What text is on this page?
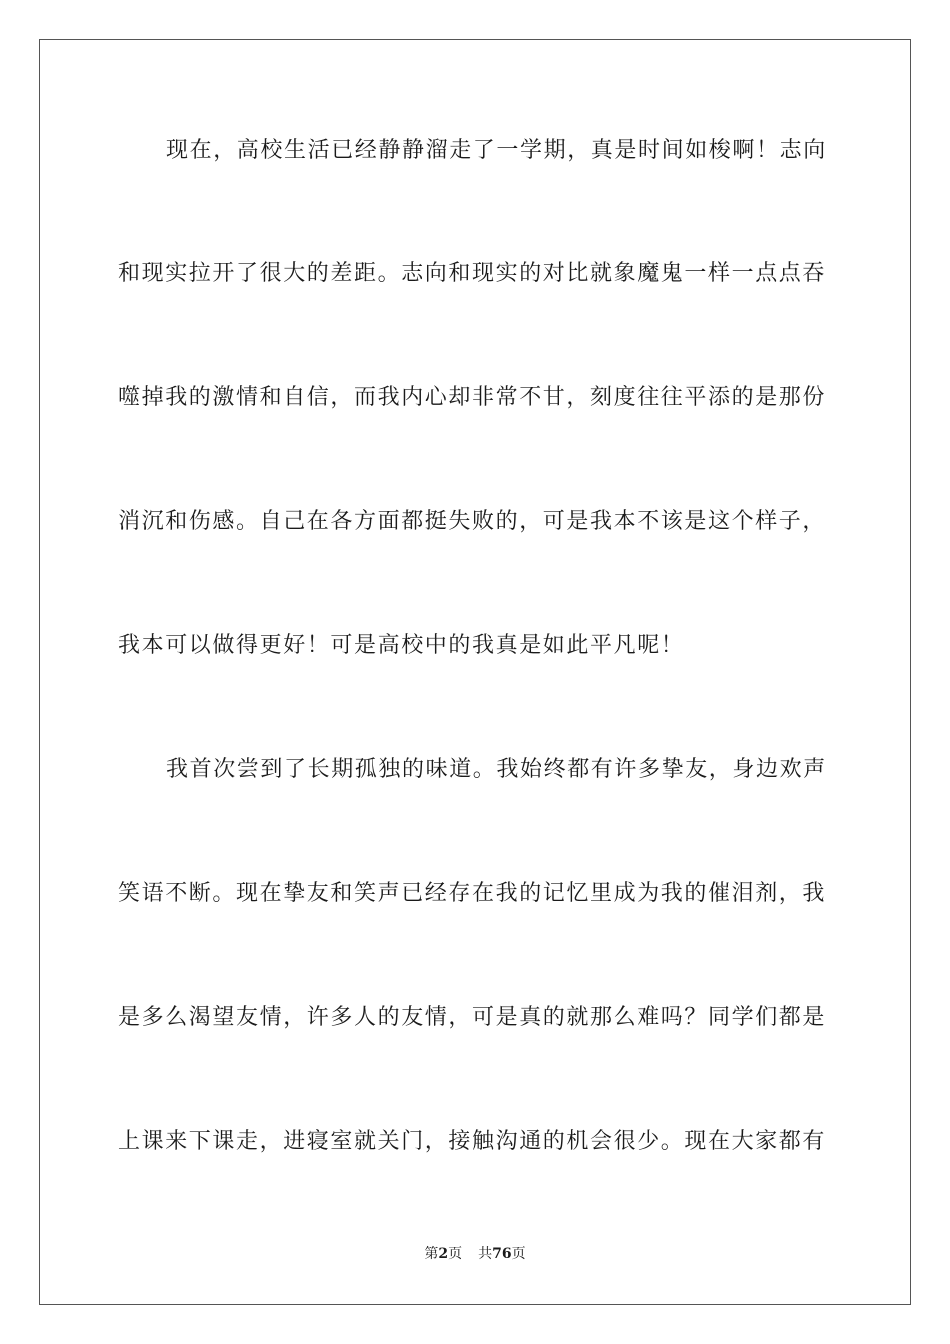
现在，高校生活已经静静溜走了一学期，真是时间如梭啊！志向
和现实拉开了很大的差距。志向和现实的对比就象魔鬼一样一点点吞
噬掉我的激情和自信，而我内心却非常不甘，刻度往往平添的是那份
消沉和伤感。自己在各方面都挺失败的，可是我本不该是这个样子，
我本可以做得更好！可是高校中的我真是如此平凡呢！
我首次尝到了长期孤独的味道。我始终都有许多挚友，身边欢声
笑语不断。现在挚友和笑声已经存在我的记忆里成为我的催泪剂，我
是多么渴望友情，许多人的友情，可是真的就那么难吗？同学们都是
上课来下课走，进寝室就关门，接触沟通的机会很少。现在大家都有
第2页 共76页
